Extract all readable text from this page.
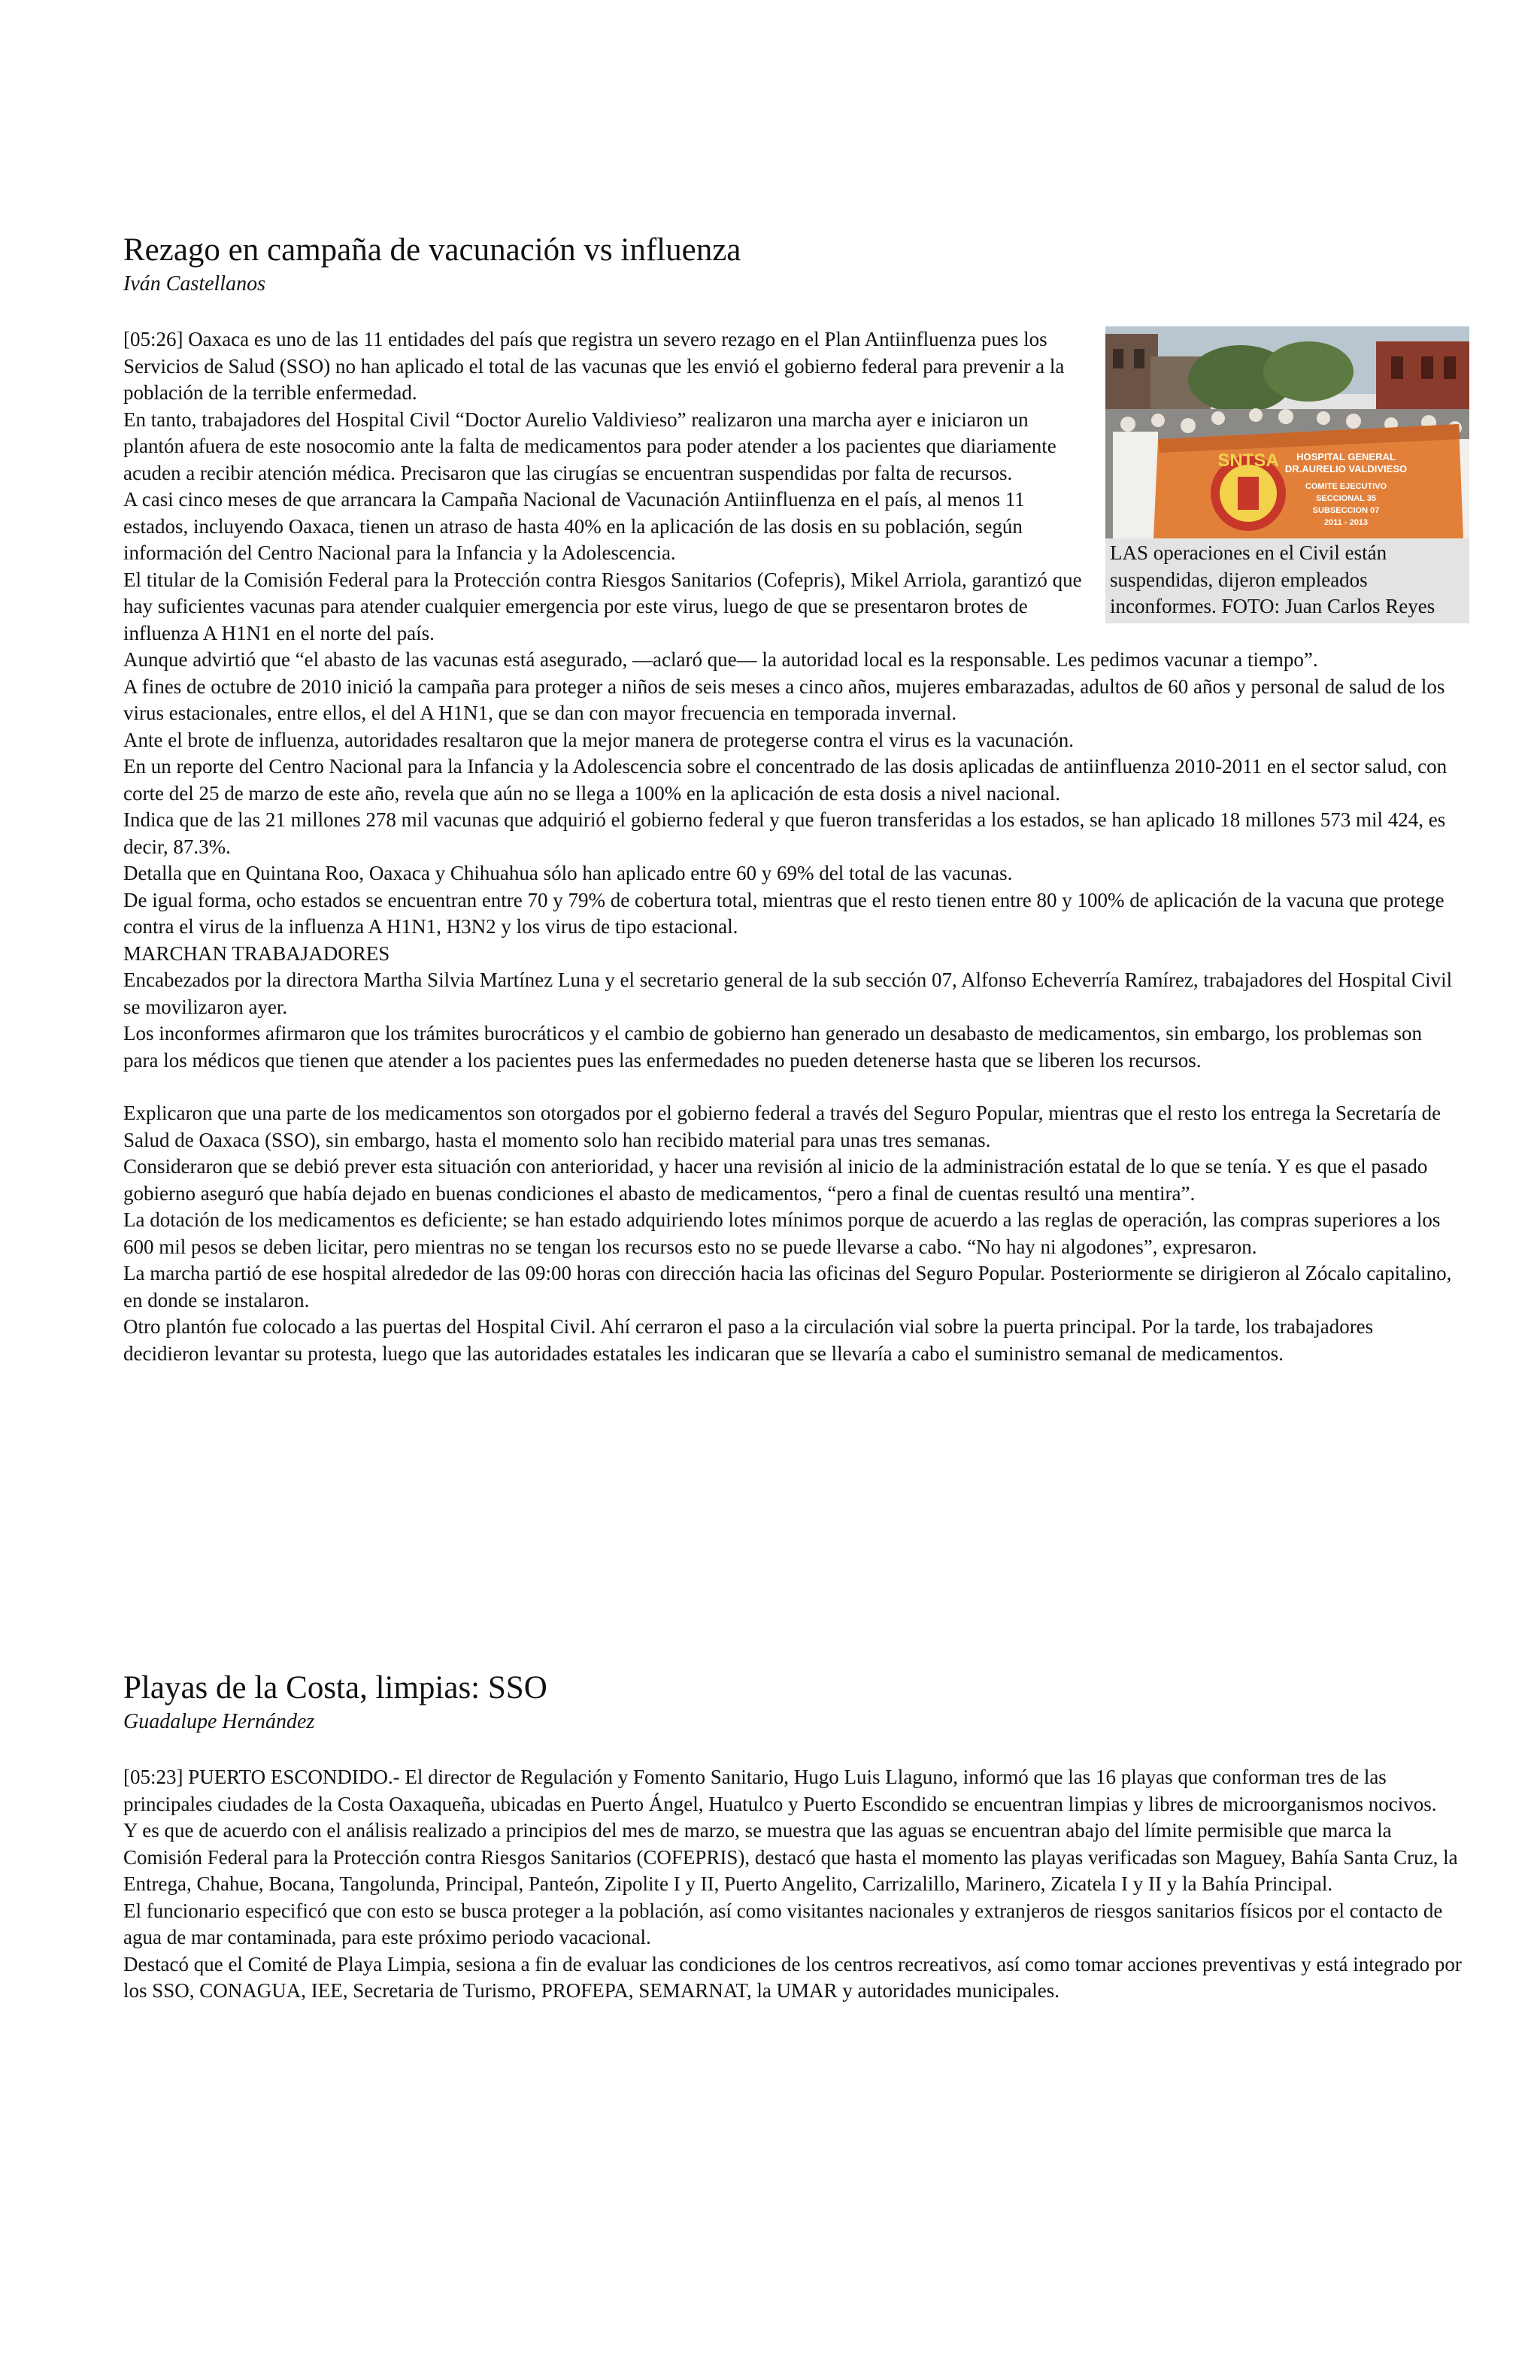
Rezago en campaña de vacunación vs influenza
Iván Castellanos
SNTSA HOSPITAL GENERAL
DR.AURELIO VALDIVIESO
COMITE EJECUTIVO
SECCIONAL 35
SUBSECCION 07
2011 - 2013

LAS operaciones en el Civil están suspendidas, dijeron empleados inconformes. FOTO: Juan Carlos Reyes

[05:26] Oaxaca es uno de las 11 entidades del país que registra un severo rezago en el Plan Antiinfluenza pues los Servicios de Salud (SSO) no han aplicado el total de las vacunas que les envió el gobierno federal para prevenir a la población de la terrible enfermedad.

En tanto, trabajadores del Hospital Civil “Doctor Aurelio Valdivieso” realizaron una marcha ayer e iniciaron un plantón afuera de este nosocomio ante la falta de medicamentos para poder atender a los pacientes que diariamente acuden a recibir atención médica. Precisaron que las cirugías se encuentran suspendidas por falta de recursos.

A casi cinco meses de que arrancara la Campaña Nacional de Vacunación Antiinfluenza en el país, al menos 11 estados, incluyendo Oaxaca, tienen un atraso de hasta 40% en la aplicación de las dosis en su población, según información del Centro Nacional para la Infancia y la Adolescencia.

El titular de la Comisión Federal para la Protección contra Riesgos Sanitarios (Cofepris), Mikel Arriola, garantizó que hay suficientes vacunas para atender cualquier emergencia por este virus, luego de que se presentaron brotes de influenza A H1N1 en el norte del país.

Aunque advirtió que “el abasto de las vacunas está asegurado, —aclaró que— la autoridad local es la responsable. Les pedimos vacunar a tiempo”.

A fines de octubre de 2010 inició la campaña para proteger a niños de seis meses a cinco años, mujeres embarazadas, adultos de 60 años y personal de salud de los virus estacionales, entre ellos, el del A H1N1, que se dan con mayor frecuencia en temporada invernal.

Ante el brote de influenza, autoridades resaltaron que la mejor manera de protegerse contra el virus es la vacunación.

En un reporte del Centro Nacional para la Infancia y la Adolescencia sobre el concentrado de las dosis aplicadas de antiinfluenza 2010-2011 en el sector salud, con corte del 25 de marzo de este año, revela que aún no se llega a 100% en la aplicación de esta dosis a nivel nacional.

Indica que de las 21 millones 278 mil vacunas que adquirió el gobierno federal y que fueron transferidas a los estados, se han aplicado 18 millones 573 mil 424, es decir, 87.3%.

Detalla que en Quintana Roo, Oaxaca y Chihuahua sólo han aplicado entre 60 y 69% del total de las vacunas.

De igual forma, ocho estados se encuentran entre 70 y 79% de cobertura total, mientras que el resto tienen entre 80 y 100% de aplicación de la vacuna que protege contra el virus de la influenza A H1N1, H3N2 y los virus de tipo estacional.

MARCHAN TRABAJADORES

Encabezados por la directora Martha Silvia Martínez Luna y el secretario general de la sub sección 07, Alfonso Echeverría Ramírez, trabajadores del Hospital Civil se movilizaron ayer.

Los inconformes afirmaron que los trámites burocráticos y el cambio de gobierno han generado un desabasto de medicamentos, sin embargo, los problemas son para los médicos que tienen que atender a los pacientes pues las enfermedades no pueden detenerse hasta que se liberen los recursos.

Explicaron que una parte de los medicamentos son otorgados por el gobierno federal a través del Seguro Popular, mientras que el resto los entrega la Secretaría de Salud de Oaxaca (SSO), sin embargo, hasta el momento solo han recibido material para unas tres semanas.

Consideraron que se debió prever esta situación con anterioridad, y hacer una revisión al inicio de la administración estatal de lo que se tenía. Y es que el pasado gobierno aseguró que había dejado en buenas condiciones el abasto de medicamentos, “pero a final de cuentas resultó una mentira”.

La dotación de los medicamentos es deficiente; se han estado adquiriendo lotes mínimos porque de acuerdo a las reglas de operación, las compras superiores a los 600 mil pesos se deben licitar, pero mientras no se tengan los recursos esto no se puede llevarse a cabo. “No hay ni algodones”, expresaron.

La marcha partió de ese hospital alrededor de las 09:00 horas con dirección hacia las oficinas del Seguro Popular. Posteriormente se dirigieron al Zócalo capitalino, en donde se instalaron.

Otro plantón fue colocado a las puertas del Hospital Civil. Ahí cerraron el paso a la circulación vial sobre la puerta principal. Por la tarde, los trabajadores decidieron levantar su protesta, luego que las autoridades estatales les indicaran que se llevaría a cabo el suministro semanal de medicamentos.

Playas de la Costa, limpias: SSO
Guadalupe Hernández

[05:23] PUERTO ESCONDIDO.- El director de Regulación y Fomento Sanitario, Hugo Luis Llaguno, informó que las 16 playas que conforman tres de las principales ciudades de la Costa Oaxaqueña, ubicadas en Puerto Ángel, Huatulco y Puerto Escondido se encuentran limpias y libres de microorganismos nocivos.

Y es que de acuerdo con el análisis realizado a principios del mes de marzo, se muestra que las aguas se encuentran abajo del límite permisible que marca la Comisión Federal para la Protección contra Riesgos Sanitarios (COFEPRIS), destacó que hasta el momento las playas verificadas son Maguey, Bahía Santa Cruz, la Entrega, Chahue, Bocana, Tangolunda, Principal, Panteón, Zipolite I y II, Puerto Angelito, Carrizalillo, Marinero, Zicatela I y II y la Bahía Principal.

El funcionario especificó que con esto se busca proteger a la población, así como visitantes nacionales y extranjeros de riesgos sanitarios físicos por el contacto de agua de mar contaminada, para este próximo periodo vacacional.

Destacó que el Comité de Playa Limpia, sesiona a fin de evaluar las condiciones de los centros recreativos, así como tomar acciones preventivas y está integrado por los SSO, CONAGUA, IEE, Secretaria de Turismo, PROFEPA, SEMARNAT, la UMAR y autoridades municipales.
